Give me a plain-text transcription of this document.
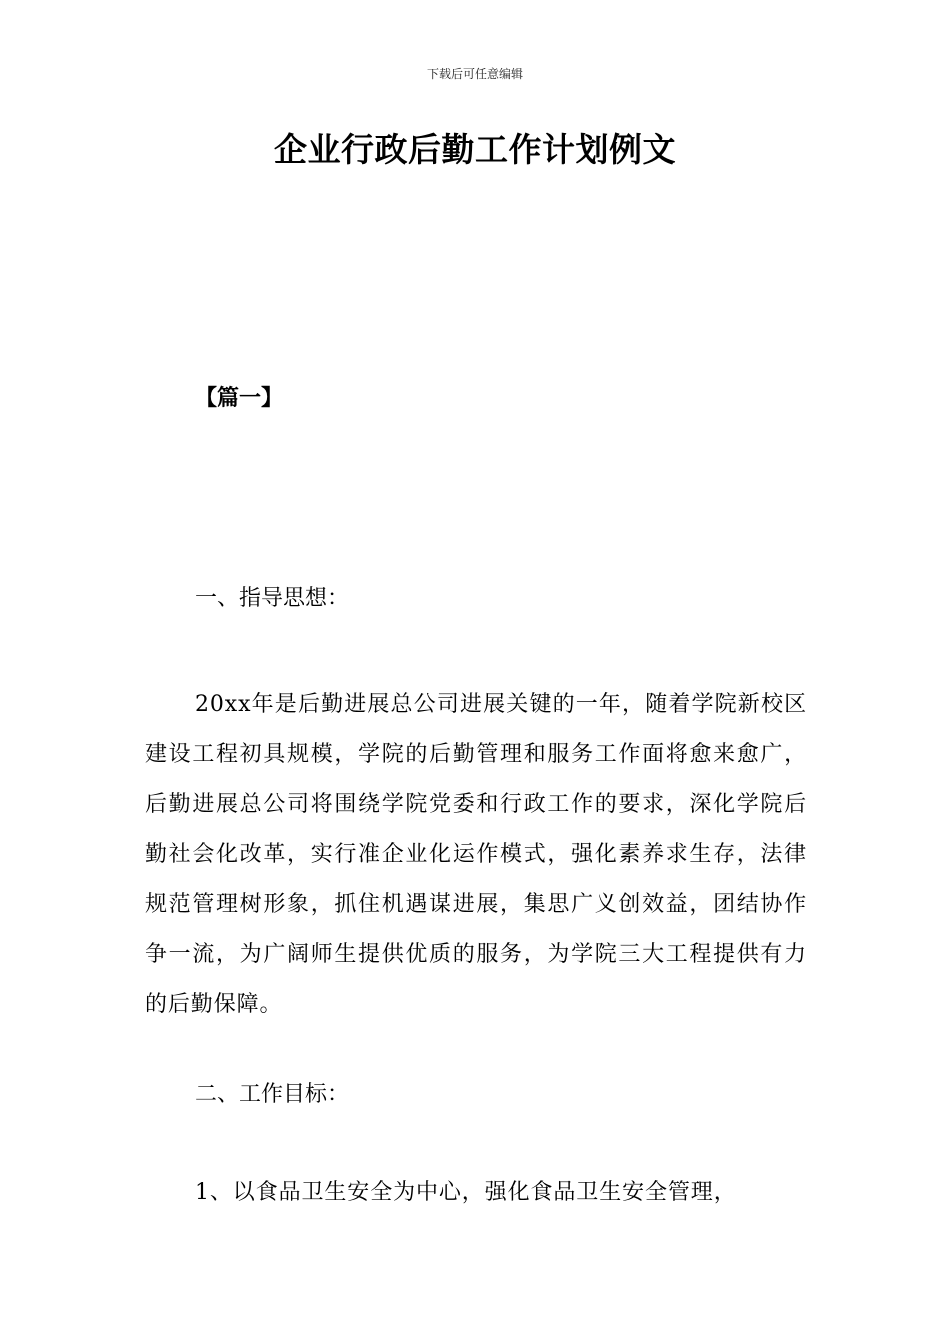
下载后可任意编辑
企业行政后勤工作计划例文
【篇一】
一、指导思想：

20xx年是后勤进展总公司进展关键的一年，随着学院新校区建设工程初具规模，学院的后勤管理和服务工作面将愈来愈广，后勤进展总公司将围绕学院党委和行政工作的要求，深化学院后勤社会化改革，实行准企业化运作模式，强化素养求生存，法律规范管理树形象，抓住机遇谋进展，集思广义创效益，团结协作争一流，为广阔师生提供优质的服务，为学院三大工程提供有力的后勤保障。

二、工作目标：
1、以食品卫生安全为中心，强化食品卫生安全管理，
